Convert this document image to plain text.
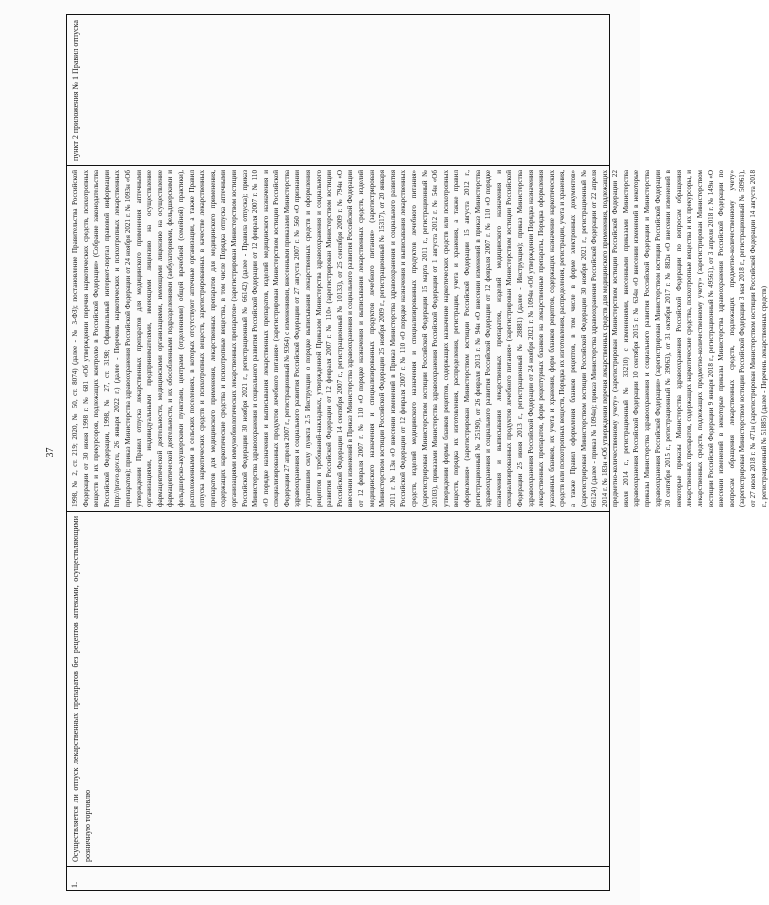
37
1.
Осуществляется ли отпуск лекарственных препаратов без рецептов аптеками, осуществляющими розничную торговлю
1998, № 2, ст. 219; 2020, № 50, ст. 8074) (далее - № 3-ФЗ); постановление Правительства Российской Федерации от 30 июня 1998 г. № 681 «Об утверждении перечня наркотических средств, психотропных веществ и их прекурсоров, подлежащих контролю в Российской Федерации» (Собрание законодательства Российской Федерации, 1998, № 27, ст. 3198; Официальный интернет-портал правовой информации http://pravo.gov.ru, 26 января 2022 г.) (далее - Перечень наркотических и психотропных лекарственных препаратов); приказ Министерства здравоохранения Российской Федерации от 24 ноября 2021 г. № 1093н «Об утверждении Правил отпуска лекарственных препаратов для медицинского применения аптечными организациями, индивидуальными предпринимателями, имеющими лицензию на осуществление фармацевтической деятельности, медицинскими организациями, имеющими лицензию на осуществление фармацевтической деятельности, и их обособленными подразделениями (амбулаториями, фельдшерскими и фельдшерско-акушерскими пунктами, центрами (отделениями) общей врачебной (семейной) практики), расположенными в сельских поселениях, в которых отсутствуют аптечные организации, а также Правил отпуска наркотических средств и психотропных веществ, зарегистрированных в качестве лекарственных препаратов для медицинского применения, лекарственных препаратов для медицинского применения, содержащих наркотические средства и психотропные вещества, в том числе Порядка отпуска аптечными организациями иммунобиологических лекарственных препаратов» (зарегистрирован Министерством юстиции Российской Федерации 30 ноября 2021 г., регистрационный № 66142) (далее - Правила отпуска); приказ Министерства здравоохранения и социального развития Российской Федерации от 12 февраля 2007 г. № 110 «О порядке назначения и выписывания лекарственных препаратов, изделий медицинского назначения и специализированных продуктов лечебного питания» (зарегистрирован Министерством юстиции Российской Федерации 27 апреля 2007 г., регистрационный № 9364) с изменениями, внесенными приказами Министерства здравоохранения и социального развития Российской Федерации от 27 августа 2007 г. № 560 «О признании утратившим силу пункта 2.5 Инструкции о порядке выписывания лекарственных средств и оформления рецептов и требований-накладных, утвержденной Приказом Министерства здравоохранения и социального развития Российской Федерации от 12 февраля 2007 г. № 110» (зарегистрирован Министерством юстиции Российской Федерации 14 сентября 2007 г., регистрационный № 10133), от 25 сентября 2009 г. № 794н «О внесении изменений в Приказ Министерства здравоохранения и социального развития Российской Федерации от 12 февраля 2007 г. № 110 «О порядке назначения и выписывания лекарственных средств, изделий медицинского назначения и специализированных продуктов лечебного питания» (зарегистрирован Министерством юстиции Российской Федерации 25 ноября 2009 г., регистрационный № 15317), от 20 января 2011 г. № 13н «О внесении изменений в Приказ Министерства здравоохранения и социального развития Российской Федерации от 12 февраля 2007 г. № 110 «О порядке назначения и выписывания лекарственных средств, изделий медицинского назначения и специализированных продуктов лечебного питания» (зарегистрирован Министерством юстиции Российской Федерации 15 марта 2011 г., регистрационный № 20103), приказами Министерства здравоохранения Российской Федерации от 1 августа 2012 г. № 54н «Об утверждении формы бланков рецептов, содержащих назначение наркотических средств или психотропных веществ, порядка их изготовления, распределения, регистрации, учета и хранения, а также правил оформления» (зарегистрирован Министерством юстиции Российской Федерации 15 августа 2012 г., регистрационный № 25190), от 26 февраля 2013 г. № 94н «О внесении изменений в приказ Министерства здравоохранения и социального развития Российской Федерации от 12 февраля 2007 г. № 110 «О порядке назначения и выписывания лекарственных препаратов, изделий медицинского назначения и специализированных продуктов лечебного питания» (зарегистрирован Министерством юстиции Российской Федерации 25 июня 2013 г., регистрационный № 28881) (далее - Инструкция); приказ Министерства здравоохранения Российской Федерации от 24 ноября 2021 г. № 1094н «Об утверждении Порядка назначения лекарственных препаратов, форм рецептурных бланков на лекарственные препараты, Порядка оформления указанных бланков, их учета и хранения, форм бланков рецептов, содержащих назначение наркотических средств или психотропных веществ, Порядка их изготовления, распределения, регистрации, учета и хранения, а также Правил оформления бланков рецептов, в том числе в форме электронных документов» (зарегистрирован Министерством юстиции Российской Федерации 30 ноября 2021 г., регистрационный № 66124) (далее - приказ № 1094н); приказ Министерства здравоохранения Российской Федерации от 22 апреля 2014 г. № 183н «Об утверждении перечня лекарственных средств для медицинского применения, подлежащих предметно-количественному учету» (зарегистрирован Министерством юстиции Российской Федерации 22 июля 2014 г., регистрационный № 33210) с изменениями, внесенными приказами Министерства здравоохранения Российской Федерации 10 сентября 2015 г. № 634н «О внесении изменений в некоторые приказы Министерства здравоохранения и социального развития Российской Федерации и Министерства здравоохранения Российской Федерации» (зарегистрирован Министерством юстиции Российской Федерации 30 сентября 2015 г., регистрационный № 39063), от 31 октября 2017 г. № 882н «О внесении изменений в некоторые приказы Министерства здравоохранения Российской Федерации по вопросам обращения лекарственных препаратов, содержащих наркотические средства, психотропные вещества и их прекурсоры, и лекарственных средств, подлежащих предметно-количественному учету» (зарегистрирован Министерством юстиции Российской Федерации 9 января 2018 г., регистрационный № 49561), от 3 апреля 2018 г. № 149н «О внесении изменений в некоторые приказы Министерства здравоохранения Российской Федерации по вопросам обращения лекарственных средств, подлежащих предметно-количественному учету» (зарегистрирован Министерством юстиции Российской Федерации 3 мая 2018 г., регистрационный № 50961), от 27 июля 2018 г. № 471н (зарегистрирован Министерством юстиции Российской Федерации 14 августа 2018 г., регистрационный № 51885) (далее - Перечень лекарственных средств)
пункт 2 приложения № 1 Правил отпуска
